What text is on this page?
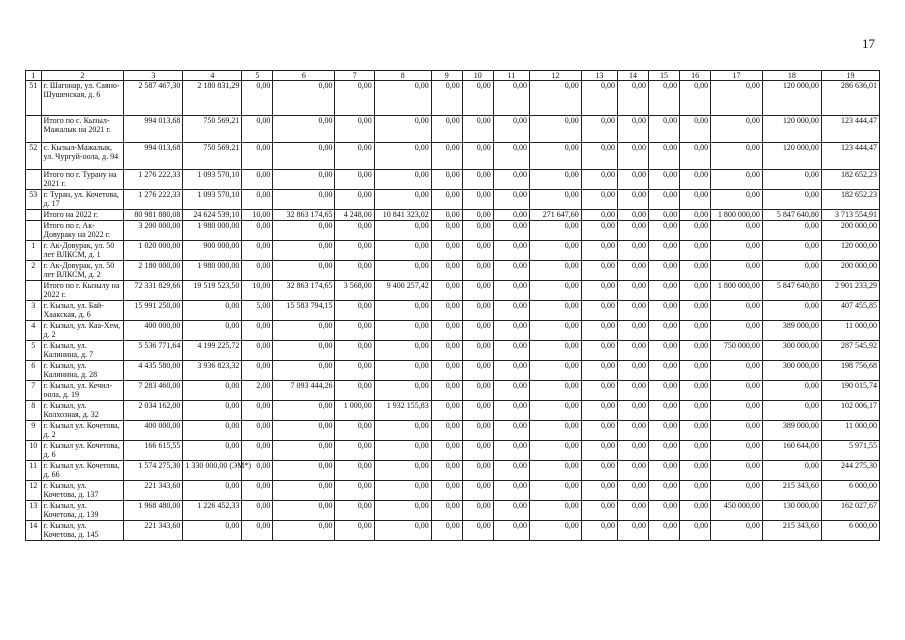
17
1	2	3	4	5	6	7	8	9	10	11	12	13	14	15	16	17	18	19
51	г. Шагонар, ул. Саяно-Шушенская, д. 6	2 587 467,30	2 180 831,29	0,00	0,00	0,00	0,00	0,00	0,00	0,00	0,00	0,00	0,00	0,00	0,00	0,00	120 000,00	286 636,01
	Итого по с. Кызыл-Мажалык на 2021 г.	994 013,68	750 569,21	0,00	0,00	0,00	0,00	0,00	0,00	0,00	0,00	0,00	0,00	0,00	0,00	0,00	120 000,00	123 444,47
52	с. Кызыл-Мажалык, ул. Чургуй-оола, д. 94	994 013,68	750 569,21	0,00	0,00	0,00	0,00	0,00	0,00	0,00	0,00	0,00	0,00	0,00	0,00	0,00	120 000,00	123 444,47
	Итого по г. Турану на 2021 г.	1 276 222,33	1 093 570,10	0,00	0,00	0,00	0,00	0,00	0,00	0,00	0,00	0,00	0,00	0,00	0,00	0,00	0,00	182 652,23
53	г. Туран, ул. Кочетова, д. 17	1 276 222,33	1 093 570,10	0,00	0,00	0,00	0,00	0,00	0,00	0,00	0,00	0,00	0,00	0,00	0,00	0,00	0,00	182 652,23
	Итого на 2022 г.	80 981 880,08	24 624 539,10	10,00	32 863 174,65	4 248,00	10 841 323,02	0,00	0,00	0,00	271 647,60	0,00	0,00	0,00	0,00	1 800 000,00	5 847 640,80	3 713 554,91
	Итого по г. Ак-Довураку на 2022 г.	3 200 000,00	1 980 000,00	0,00	0,00	0,00	0,00	0,00	0,00	0,00	0,00	0,00	0,00	0,00	0,00	0,00	0,00	200 000,00
1	г. Ак-Довурак, ул. 50 лет ВЛКСМ, д. 1	1 020 000,00	900 000,00	0,00	0,00	0,00	0,00	0,00	0,00	0,00	0,00	0,00	0,00	0,00	0,00	0,00	0,00	120 000,00
2	г. Ак-Довурак, ул. 50 лет ВЛКСМ, д. 2	2 180 000,00	1 980 000,00	0,00	0,00	0,00	0,00	0,00	0,00	0,00	0,00	0,00	0,00	0,00	0,00	0,00	0,00	200 000,00
	Итого по г. Кызылу на 2022 г.	72 331 829,66	19 519 523,50	10,00	32 863 174,65	3 568,00	9 400 257,42	0,00	0,00	0,00	0,00	0,00	0,00	0,00	0,00	1 800 000,00	5 847 640,80	2 901 233,29
3	г. Кызыл, ул. Бай-Хаакская, д. 6	15 991 250,00	0,00	5,00	15 583 794,15	0,00	0,00	0,00	0,00	0,00	0,00	0,00	0,00	0,00	0,00	0,00	0,00	407 455,85
4	г. Кызыл, ул. Каа-Хем, д. 2	400 000,00	0,00	0,00	0,00	0,00	0,00	0,00	0,00	0,00	0,00	0,00	0,00	0,00	0,00	0,00	389 000,00	11 000,00
5	г. Кызыл, ул. Калинина, д. 7	5 536 771,64	4 199 225,72	0,00	0,00	0,00	0,00	0,00	0,00	0,00	0,00	0,00	0,00	0,00	0,00	750 000,00	300 000,00	287 545,92
6	г. Кызыл, ул. Калинина, д. 28	4 435 580,00	3 936 823,32	0,00	0,00	0,00	0,00	0,00	0,00	0,00	0,00	0,00	0,00	0,00	0,00	0,00	300 000,00	198 756,68
7	г. Кызыл, ул. Кечил-оола, д. 19	7 283 460,00	0,00	2,00	7 093 444,26	0,00	0,00	0,00	0,00	0,00	0,00	0,00	0,00	0,00	0,00	0,00	0,00	190 015,74
8	г. Кызыл, ул. Колхозная, д. 32	2 034 162,00	0,00	0,00	0,00	1 000,00	1 932 155,83	0,00	0,00	0,00	0,00	0,00	0,00	0,00	0,00	0,00	0,00	102 006,17
9	г. Кызыл ул. Кочетова, д. 2	400 000,00	0,00	0,00	0,00	0,00	0,00	0,00	0,00	0,00	0,00	0,00	0,00	0,00	0,00	0,00	389 000,00	11 000,00
10	г. Кызыл ул. Кочетова, д. 6	166 615,55	0,00	0,00	0,00	0,00	0,00	0,00	0,00	0,00	0,00	0,00	0,00	0,00	0,00	0,00	160 644,00	5 971,55
11	г. Кызыл ул. Кочетова, д. 66	1 574 275,30	1 330 000,00 (ЭМ*)	0,00	0,00	0,00	0,00	0,00	0,00	0,00	0,00	0,00	0,00	0,00	0,00	0,00	0,00	244 275,30
12	г. Кызыл, ул. Кочетова, д. 137	221 343,60	0,00	0,00	0,00	0,00	0,00	0,00	0,00	0,00	0,00	0,00	0,00	0,00	0,00	0,00	215 343,60	6 000,00
13	г. Кызыл, ул. Кочетова, д. 139	1 968 480,00	1 226 452,33	0,00	0,00	0,00	0,00	0,00	0,00	0,00	0,00	0,00	0,00	0,00	0,00	450 000,00	130 000,00	162 027,67
14	г. Кызыл, ул. Кочетова, д. 145	221 343,60	0,00	0,00	0,00	0,00	0,00	0,00	0,00	0,00	0,00	0,00	0,00	0,00	0,00	0,00	215 343,60	6 000,00
